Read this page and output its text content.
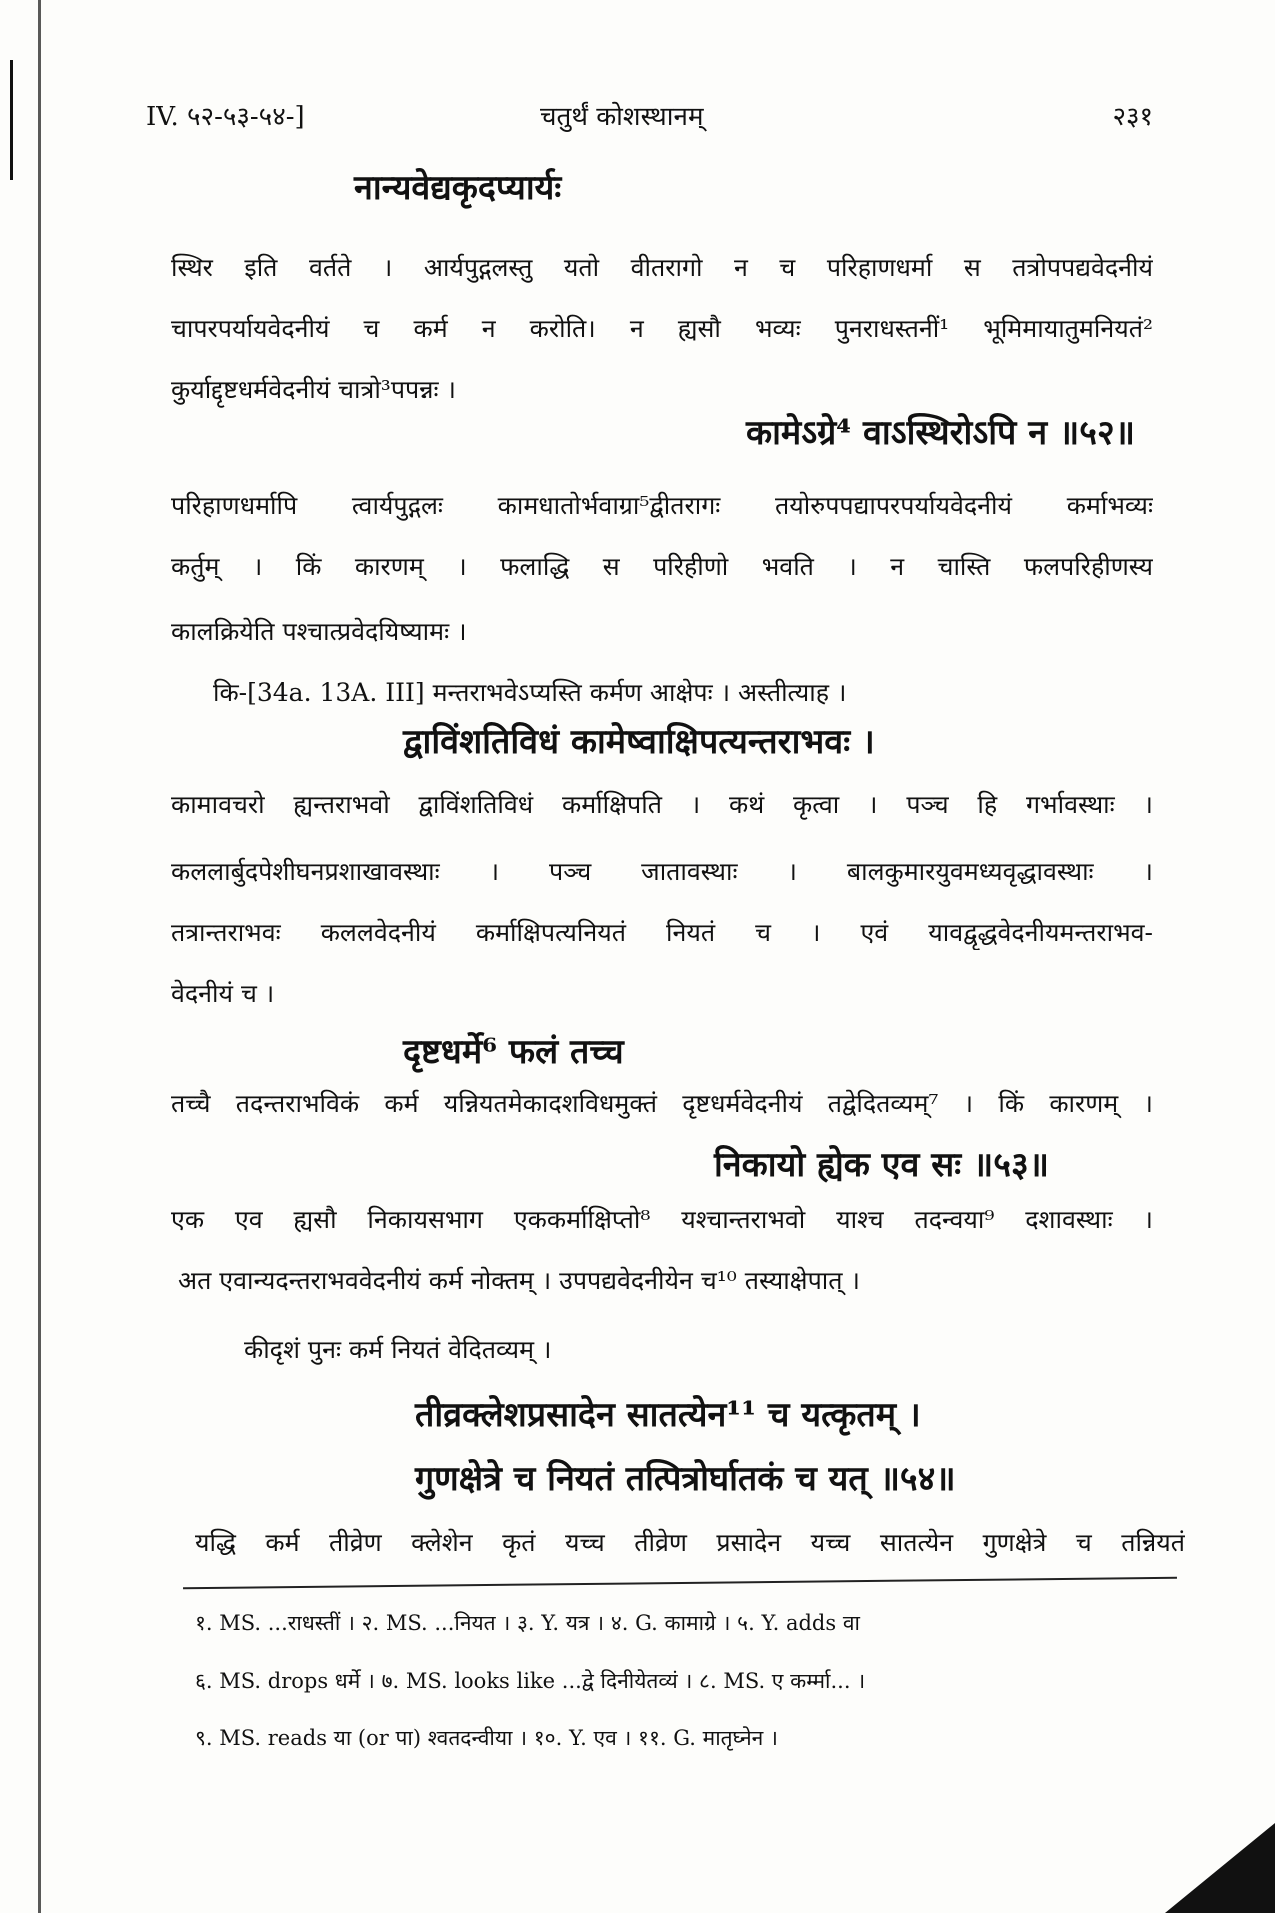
IV. ५२-५३-५४-]	चतुर्थं कोशस्थानम्	२३१
नान्यवेद्यकृदप्यार्यः
स्थिर इति वर्तते । आर्यपुद्गलस्तु यतो वीतरागो न च परिहाणधर्मा स तत्रोपपद्यवेदनीयं
चापरपर्यायवेदनीयं च कर्म न करोति। न ह्यसौ भव्यः पुनराधस्तनीं¹ भूमिमायातुमनियतं²
कुर्याद्दृष्टधर्मवेदनीयं चात्रो³पपन्नः ।
कामेऽग्रे⁴ वाऽस्थिरोऽपि न ॥५२॥
परिहाणधर्मापि त्वार्यपुद्गलः कामधातोर्भवाग्रा⁵द्वीतरागः तयोरुपपद्यापरपर्यायवेदनीयं कर्माभव्यः
कर्तुम् । किं कारणम् । फलाद्धि स परिहीणो भवति । न चास्ति फलपरिहीणस्य
कालक्रियेति पश्चात्प्रवेदयिष्यामः ।
कि-[34a. 13A. III] मन्तराभवेऽप्यस्ति कर्मण आक्षेपः । अस्तीत्याह ।
द्वाविंशतिविधं कामेष्वाक्षिपत्यन्तराभवः ।
कामावचरो ह्यन्तराभवो द्वाविंशतिविधं कर्माक्षिपति । कथं कृत्वा । पञ्च हि गर्भावस्थाः ।
कललार्बुदपेशीघनप्रशाखावस्थाः । पञ्च जातावस्थाः । बालकुमारयुवमध्यवृद्धावस्थाः ।
तत्रान्तराभवः कललवेदनीयं कर्माक्षिपत्यनियतं नियतं च । एवं यावद्वृद्धवेदनीयमन्तराभव-
वेदनीयं च ।
दृष्टधर्मे⁶ फलं तच्च
तच्चै तदन्तराभविकं कर्म यन्नियतमेकादशविधमुक्तं दृष्टधर्मवेदनीयं तद्वेदितव्यम्⁷ । किं कारणम् ।
निकायो ह्येक एव सः ॥५३॥
एक एव ह्यसौ निकायसभाग एककर्माक्षिप्तो⁸ यश्चान्तराभवो याश्च तदन्वया⁹ दशावस्थाः ।
अत एवान्यदन्तराभववेदनीयं कर्म नोक्तम् । उपपद्यवेदनीयेन च¹⁰ तस्याक्षेपात् ।
कीदृशं पुनः कर्म नियतं वेदितव्यम् ।
तीव्रक्लेशप्रसादेन सातत्येन¹¹ च यत्कृतम् ।
गुणक्षेत्रे च नियतं तत्पित्रोर्घातकं च यत् ॥५४॥
यद्धि कर्म तीव्रेण क्लेशेन कृतं यच्च तीव्रेण प्रसादेन यच्च सातत्येन गुणक्षेत्रे च तन्नियतं
१. MS. ...राधस्तीं । २. MS. ...नियत । ३. Y. यत्र । ४. G. कामाग्रे । ५. Y. adds वा
६. MS. drops धर्मे । ७. MS. looks like ...द्वे दिनीयेतव्यं । ८. MS. ए कर्म्मा... ।
९. MS. reads या (or पा) श्वतदन्वीया । १०. Y. एव । ११. G. मातृघ्नेन ।
